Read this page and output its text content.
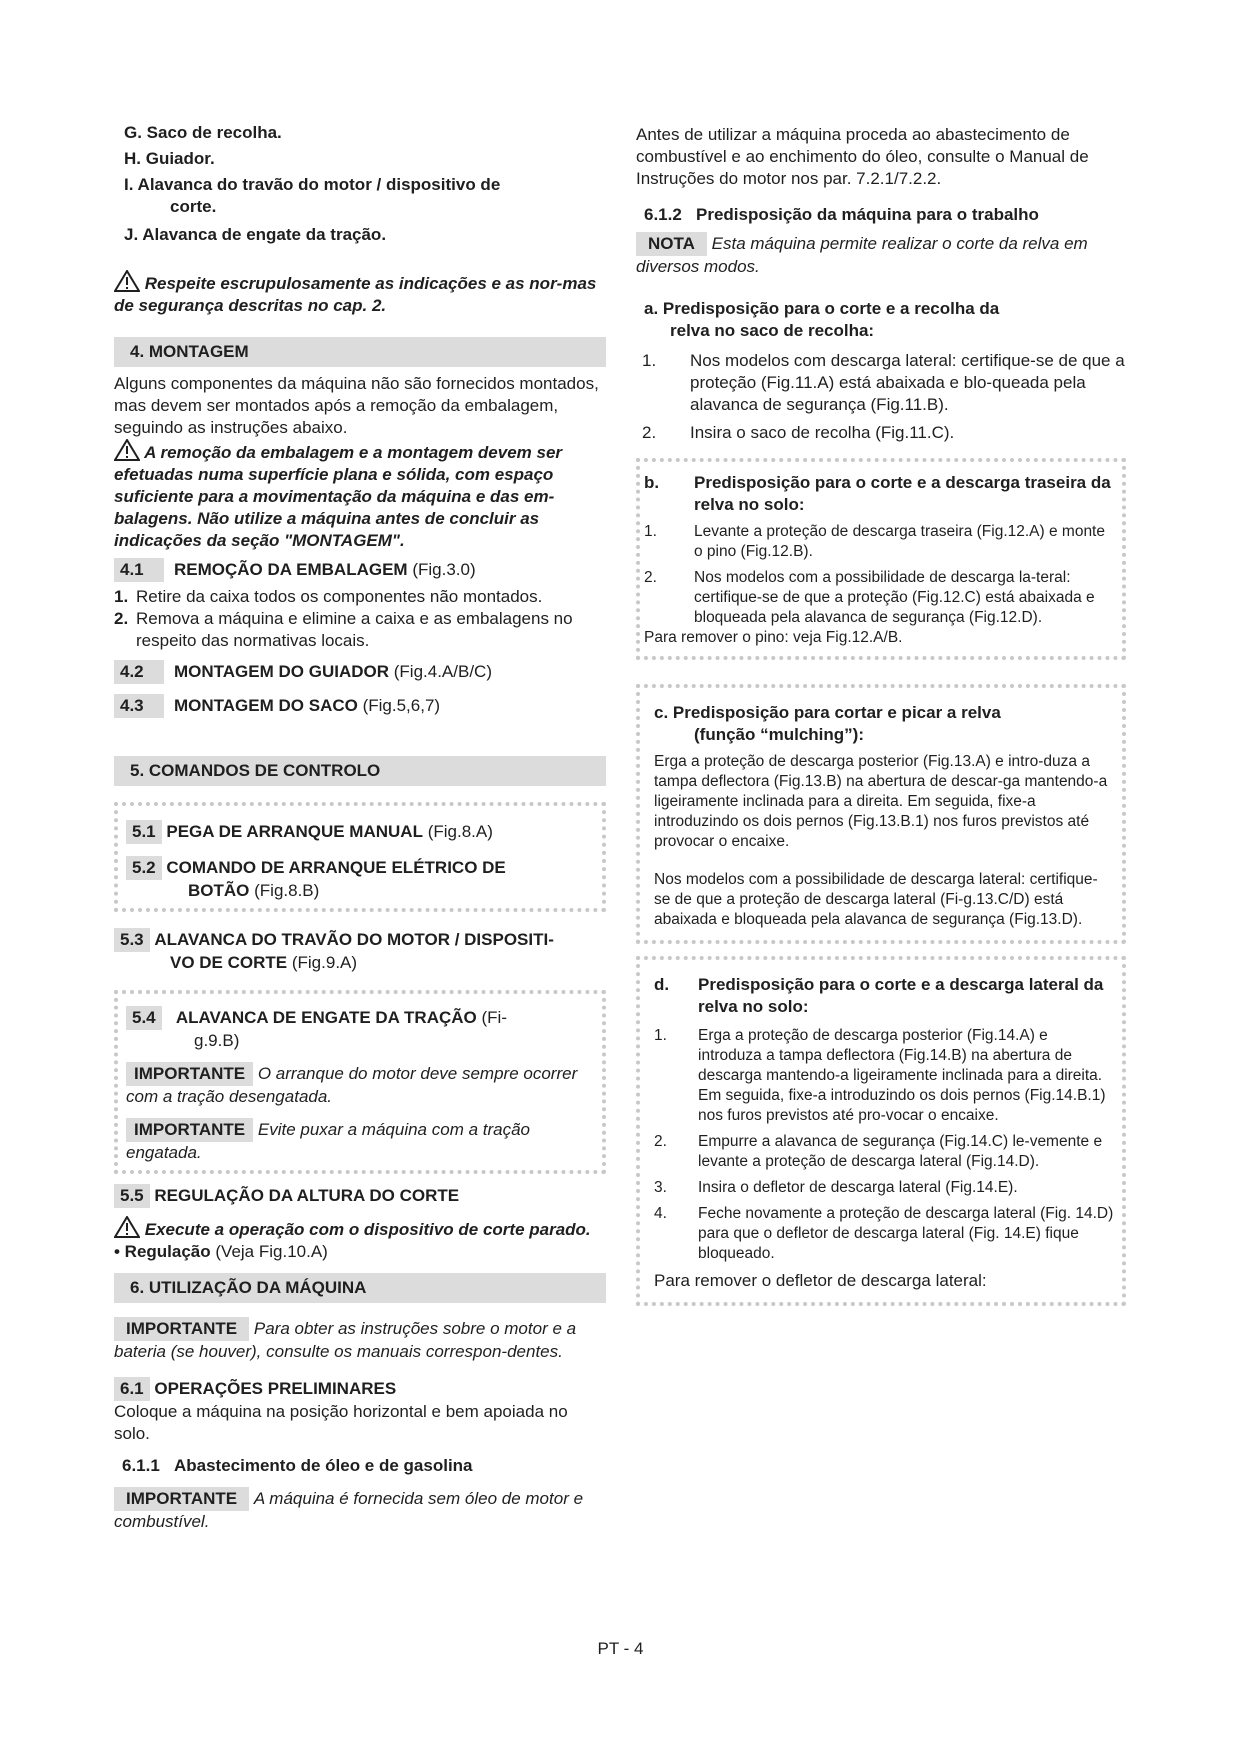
G. Saco de recolha.

H. Guiador.

I. Alavanca do travão do motor / dispositivo de

corte.

J. Alavanca de engate da tração.

Respeite escrupulosamente as indicações e as nor-mas de segurança descritas no cap. 2.

4. MONTAGEM

Alguns componentes da máquina não são fornecidos montados, mas devem ser montados após a remoção da embalagem, seguindo as instruções abaixo.

A remoção da embalagem e a montagem devem ser efetuadas numa superfície plana e sólida, com espaço suficiente para a movimentação da máquina e das em-balagens. Não utilize a máquina antes de concluir as indicações da seção "MONTAGEM".

4.1 REMOÇÃO DA EMBALAGEM (Fig.3.0)

1. Retire da caixa todos os componentes não montados.
2. Remova a máquina e elimine a caixa e as embalagens no respeito das normativas locais.

4.2 MONTAGEM DO GUIADOR (Fig.4.A/B/C)

4.3 MONTAGEM DO SACO (Fig.5,6,7)

5. COMANDOS DE CONTROLO

5.1 PEGA DE ARRANQUE MANUAL (Fig.8.A)

5.2 COMANDO DE ARRANQUE ELÉTRICO DE

BOTÃO (Fig.8.B)

5.3 ALAVANCA DO TRAVÃO DO MOTOR / DISPOSITI-

VO DE CORTE (Fig.9.A)

5.4 ALAVANCA DE ENGATE DA TRAÇÃO (Fi-

g.9.B)

IMPORTANTE O arranque do motor deve sempre ocorrer com a tração desengatada.

IMPORTANTE Evite puxar a máquina com a tração engatada.

5.5 REGULAÇÃO DA ALTURA DO CORTE

Execute a operação com o dispositivo de corte parado.

• Regulação (Veja Fig.10.A)

6. UTILIZAÇÃO DA MÁQUINA

IMPORTANTE Para obter as instruções sobre o motor e a bateria (se houver), consulte os manuais correspon-dentes.

6.1 OPERAÇÕES PRELIMINARES

Coloque a máquina na posição horizontal e bem apoiada no solo.

6.1.1 Abastecimento de óleo e de gasolina

IMPORTANTE A máquina é fornecida sem óleo de motor e combustível.

Antes de utilizar a máquina proceda ao abastecimento de combustível e ao enchimento do óleo, consulte o Manual de Instruções do motor nos par. 7.2.1/7.2.2.

6.1.2 Predisposição da máquina para o trabalho

NOTA Esta máquina permite realizar o corte da relva em diversos modos.

a. Predisposição para o corte e a recolha da

relva no saco de recolha:

1.	Nos modelos com descarga lateral: certifique-se de que a proteção (Fig.11.A) está abaixada e blo-queada pela alavanca de segurança (Fig.11.B).
2.	Insira o saco de recolha (Fig.11.C).
b.	Predisposição para o corte e a descarga traseira da relva no solo:
1.	Levante a proteção de descarga traseira (Fig.12.A) e monte o pino (Fig.12.B).
2.	Nos modelos com a possibilidade de descarga la-teral: certifique-se de que a proteção (Fig.12.C) está abaixada e bloqueada pela alavanca de segurança (Fig.12.D).

Para remover o pino: veja Fig.12.A/B.

c. Predisposição para cortar e picar a relva

(função “mulching”):

Erga a proteção de descarga posterior (Fig.13.A) e intro-duza a tampa deflectora (Fig.13.B) na abertura de descar-ga mantendo-a ligeiramente inclinada para a direita. Em seguida, fixe-a introduzindo os dois pernos (Fig.13.B.1) nos furos previstos até provocar o encaixe.

Nos modelos com a possibilidade de descarga lateral: certifique-se de que a proteção de descarga lateral (Fi-g.13.C/D) está abaixada e bloqueada pela alavanca de segurança (Fig.13.D).

d.	Predisposição para o corte e a descarga lateral da relva no solo:
1.	Erga a proteção de descarga posterior (Fig.14.A) e introduza a tampa deflectora (Fig.14.B) na abertura de descarga mantendo-a ligeiramente inclinada para a direita. Em seguida, fixe-a introduzindo os dois pernos (Fig.14.B.1) nos furos previstos até pro-vocar o encaixe.
2.	Empurre a alavanca de segurança (Fig.14.C) le-vemente e levante a proteção de descarga lateral (Fig.14.D).
3.	Insira o defletor de descarga lateral (Fig.14.E).
4.	Feche novamente a proteção de descarga lateral (Fig. 14.D) para que o defletor de descarga lateral (Fig. 14.E) fique bloqueado.

Para remover o defletor de descarga lateral:

PT - 4
